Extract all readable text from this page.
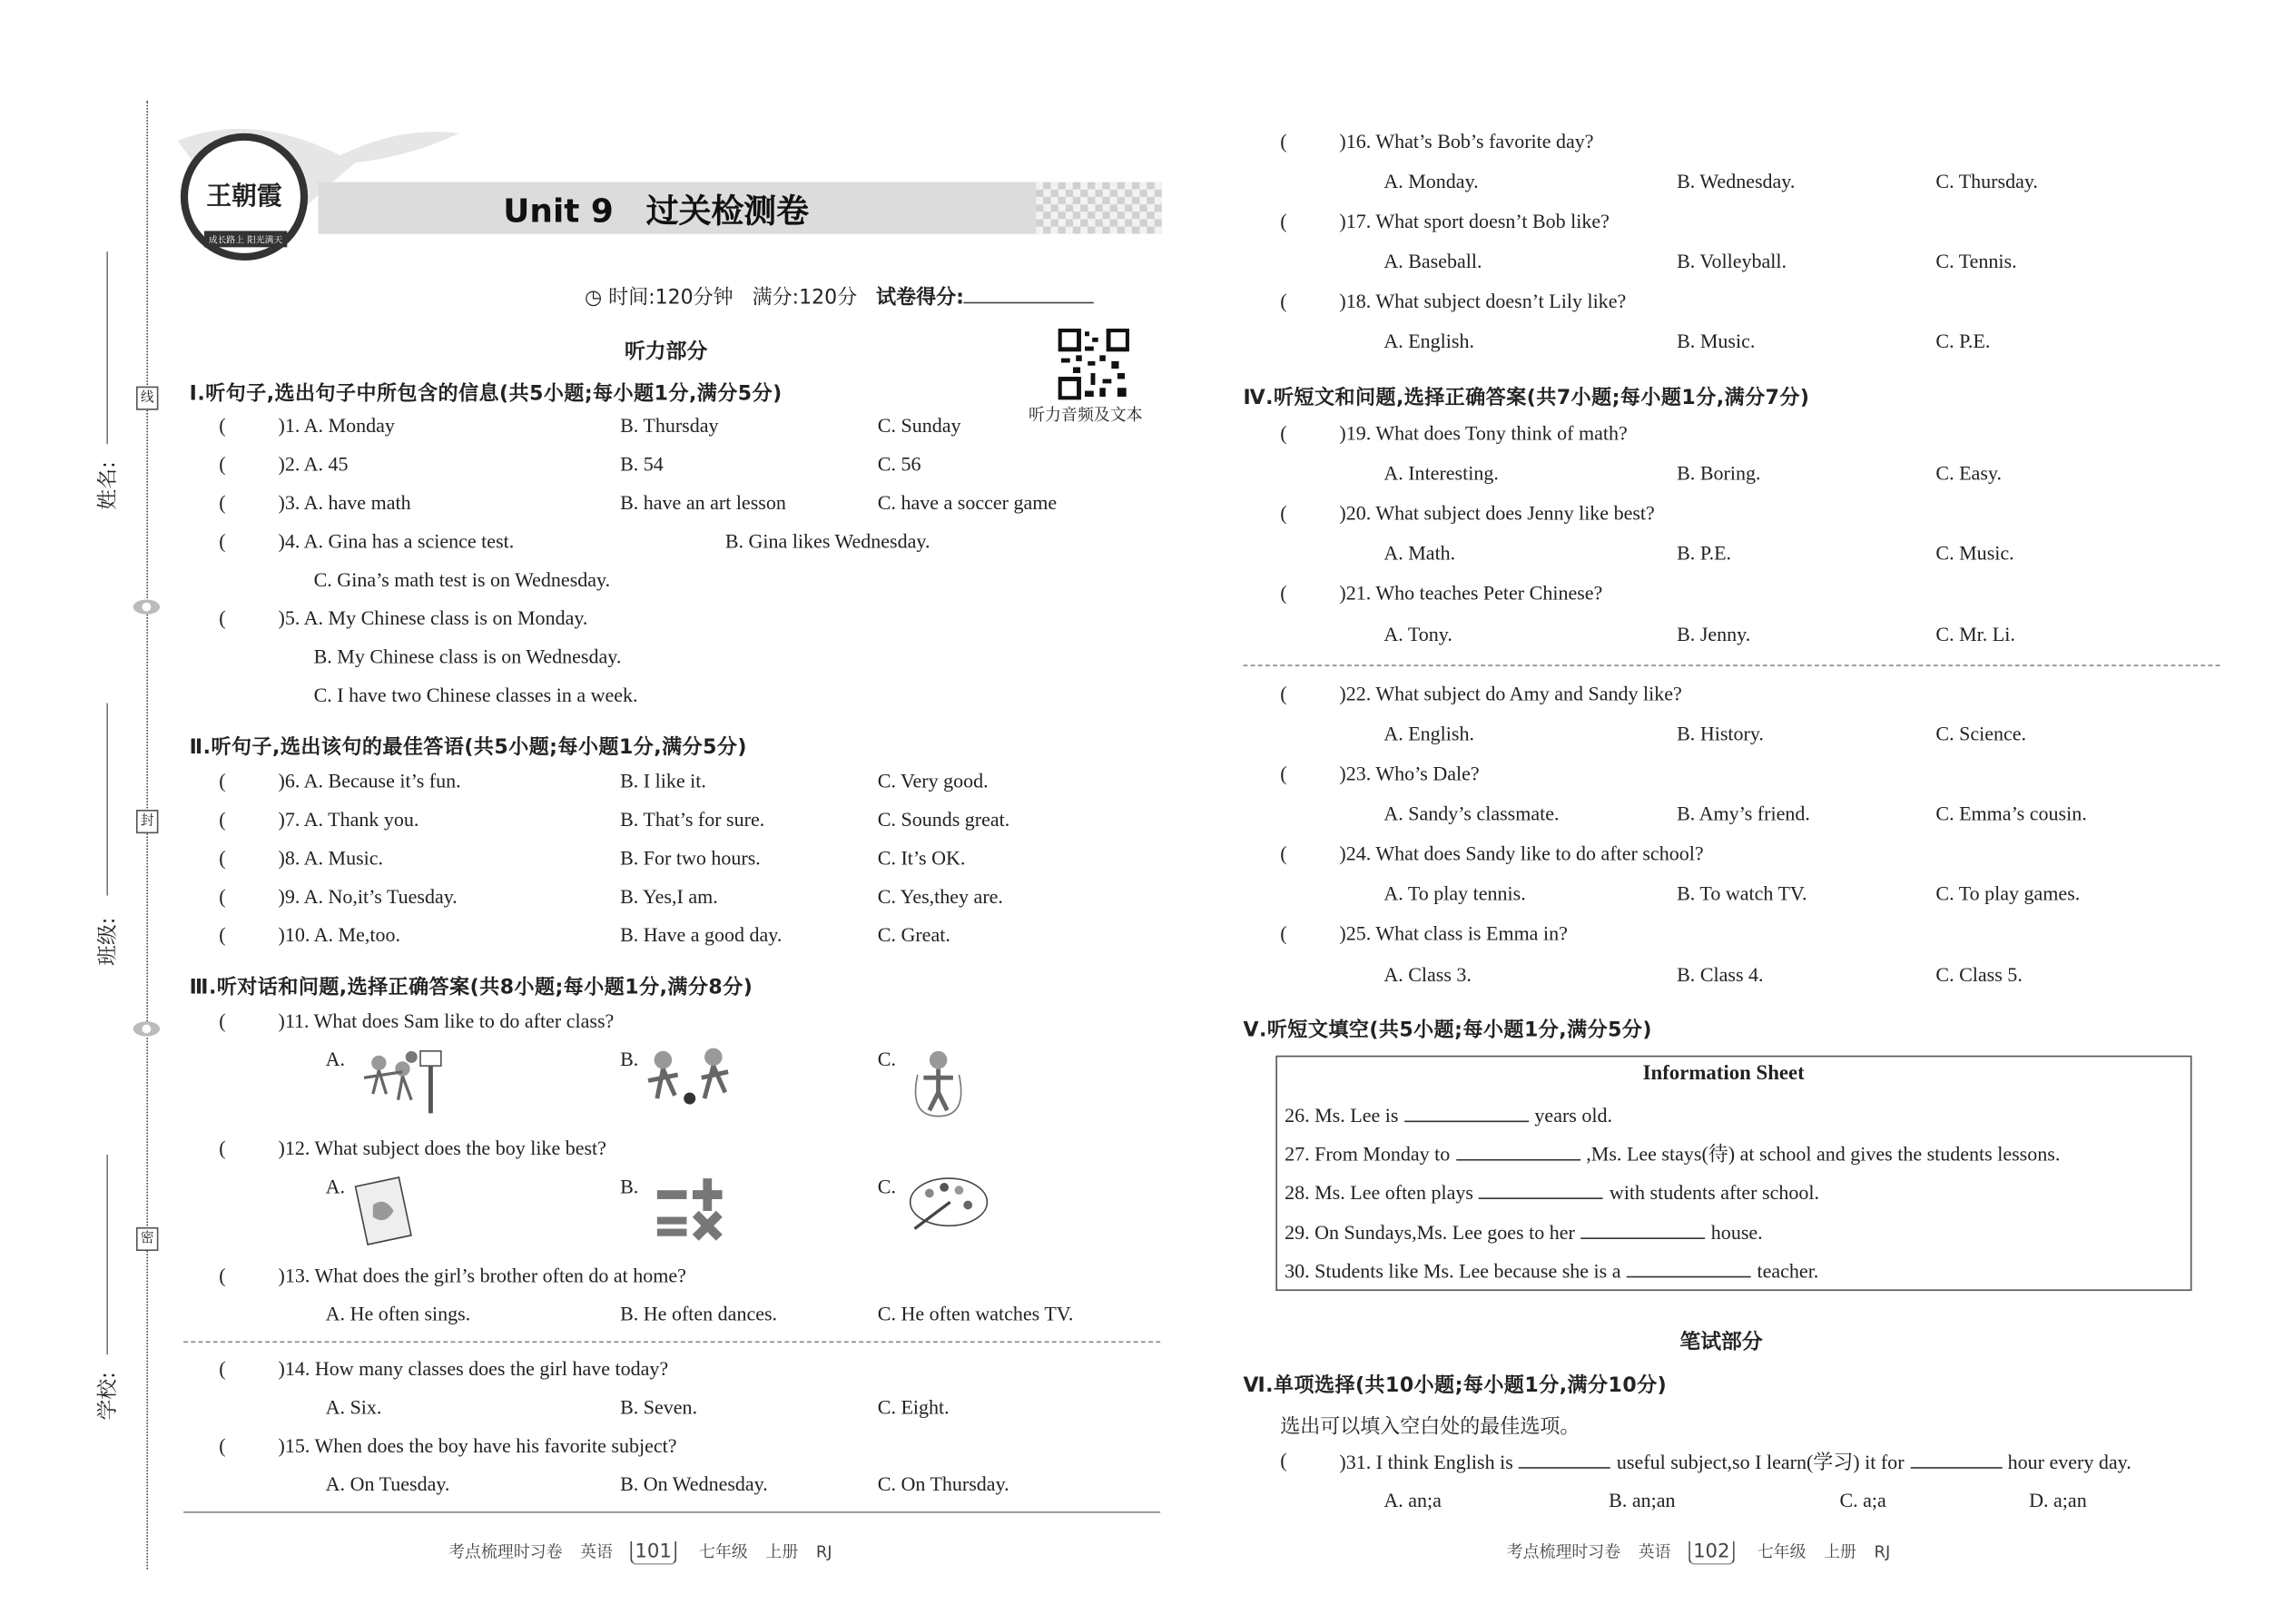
线
封
密
姓名:
班级:
学校:
王朝霞
成长路上 阳光满天
Unit 9　过关检测卷
◷ 时间:120分钟 满分:120分 试卷得分:
听力部分
听力音频及文本
Ⅰ.听句子,选出句子中所包含的信息(共5小题;每小题1分,满分5分)
(
) 1. A. Monday	B. Thursday	C. Sunday
(
) 2. A. 45	B. 54	C. 56
(
) 3. A. have math	B. have an art lesson	C. have a soccer game
(
) 4. A. Gina has a science test.	B. Gina likes Wednesday.
C. Gina’s math test is on Wednesday.
(
) 5. A. My Chinese class is on Monday.
B. My Chinese class is on Wednesday.
C. I have two Chinese classes in a week.
Ⅱ.听句子,选出该句的最佳答语(共5小题;每小题1分,满分5分)
(
) 6. A. Because it’s fun.	B. I like it.	C. Very good.
(
) 7. A. Thank you.	B. That’s for sure.	C. Sounds great.
(
) 8. A. Music.	B. For two hours.	C. It’s OK.
(
) 9. A. No,it’s Tuesday.	B. Yes,I am.	C. Yes,they are.
(
) 10. A. Me,too.	B. Have a good day.	C. Great.
Ⅲ.听对话和问题,选择正确答案(共8小题;每小题1分,满分8分)
(
) 11. What does Sam like to do after class?
A.	B.	C.
(
) 12. What subject does the boy like best?
A.	B.	C.
(
) 13. What does the girl’s brother often do at home?
A. He often sings.	B. He often dances.	C. He often watches TV.
(
) 14. How many classes does the girl have today?
A. Six.	B. Seven.	C. Eight.
(
) 15. When does the boy have his favorite subject?
A. On Tuesday.	B. On Wednesday.	C. On Thursday.
考点梳理时习卷 英语 101	七年级 上册 RJ
(
) 16. What’s Bob’s favorite day?
A. Monday.	B. Wednesday.	C. Thursday.
(
) 17. What sport doesn’t Bob like?
A. Baseball.	B. Volleyball.	C. Tennis.
(
) 18. What subject doesn’t Lily like?
A. English.	B. Music.	C. P.E.
Ⅳ.听短文和问题,选择正确答案(共7小题;每小题1分,满分7分)
(
) 19. What does Tony think of math?
A. Interesting.	B. Boring.	C. Easy.
(
) 20. What subject does Jenny like best?
A. Math.	B. P.E.	C. Music.
(
) 21. Who teaches Peter Chinese?
A. Tony.	B. Jenny.	C. Mr. Li.
(
) 22. What subject do Amy and Sandy like?
A. English.	B. History.	C. Science.
(
) 23. Who’s Dale?
A. Sandy’s classmate.	B. Amy’s friend.	C. Emma’s cousin.
(
) 24. What does Sandy like to do after school?
A. To play tennis.	B. To watch TV.	C. To play games.
(
) 25. What class is Emma in?
A. Class 3.	B. Class 4.	C. Class 5.
Ⅴ.听短文填空(共5小题;每小题1分,满分5分)
Information Sheet
26. Ms. Lee is	years old.
27. From Monday to	,Ms. Lee stays(待) at school and gives the students lessons.
28. Ms. Lee often plays	with students after school.
29. On Sundays,Ms. Lee goes to her	house.
30. Students like Ms. Lee because she is a	teacher.
笔试部分
Ⅵ.单项选择(共10小题;每小题1分,满分10分)
选出可以填入空白处的最佳选项。
(
) 31. I think English is	useful subject,so I learn(学习) it for	hour every day.
A. an;a	B. an;an	C. a;a	D. a;an
考点梳理时习卷 英语 102	七年级 上册 RJ
